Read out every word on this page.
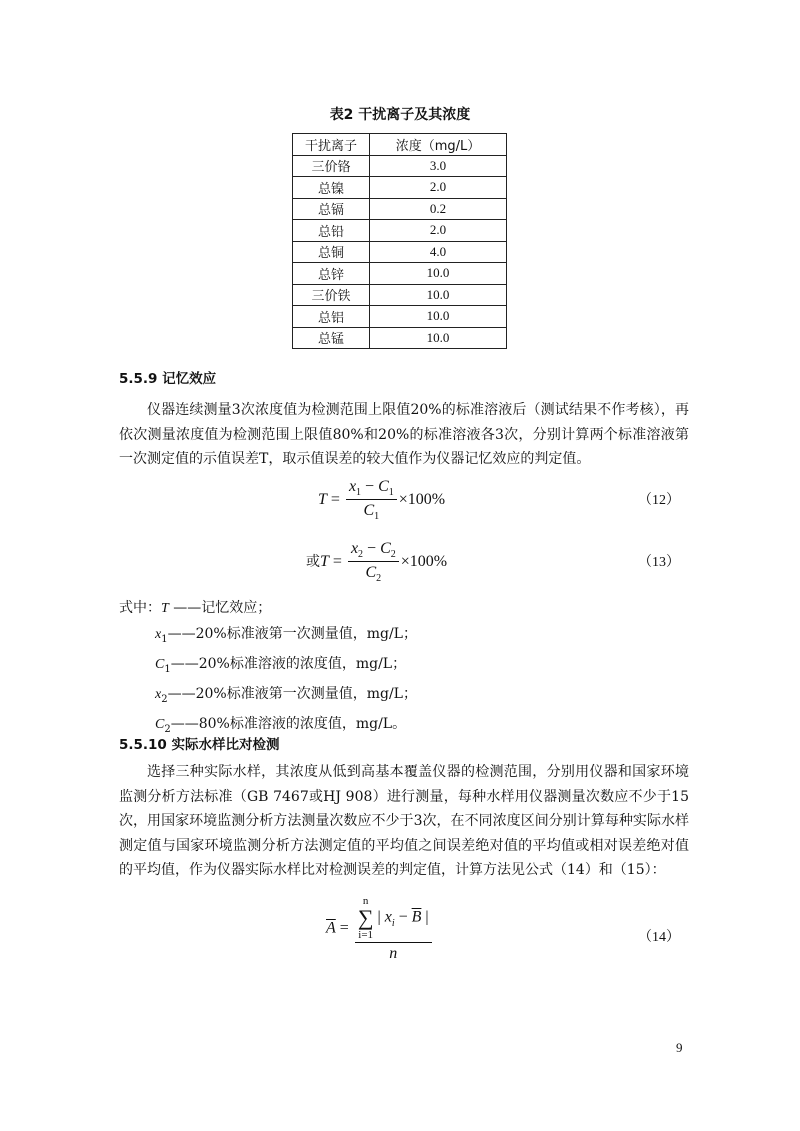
表2 干扰离子及其浓度
干扰离子	浓度（mg/L）
三价铬	3.0
总镍	2.0
总镉	0.2
总铅	2.0
总铜	4.0
总锌	10.0
三价铁	10.0
总铝	10.0
总锰	10.0
5.5.9 记忆效应
仪器连续测量3次浓度值为检测范围上限值20%的标准溶液后（测试结果不作考核），再依次测量浓度值为检测范围上限值80%和20%的标准溶液各3次，分别计算两个标准溶液第一次测定值的示值误差T，取示值误差的较大值作为仪器记忆效应的判定值。
$T = \frac{x_1 - C_1}{C_1} \times 100\%$	（12）
或$T = \frac{x_2 - C_2}{C_2} \times 100\%$	（13）
式中：T ——记忆效应；
$x_1——20\%$标准液第一次测量值，mg/L；
$C_1——20\%$标准溶液的浓度值，mg/L；
$x_2——20\%$标准液第一次测量值，mg/L；
$C_2——80\%$标准溶液的浓度值，mg/L。
5.5.10 实际水样比对检测
选择三种实际水样，其浓度从低到高基本覆盖仪器的检测范围，分别用仪器和国家环境监测分析方法标准（GB 7467或HJ 908）进行测量，每种水样用仪器测量次数应不少于15次，用国家环境监测分析方法测量次数应不少于3次，在不同浓度区间分别计算每种实际水样测定值与国家环境监测分析方法测定值的平均值之间误差绝对值的平均值或相对误差绝对值的平均值，作为仪器实际水样比对检测误差的判定值，计算方法见公式（14）和（15）：
$\overline{A} = n$
∑
i=1 | $x_i - \overline{B}$ |
n	（14）
9
